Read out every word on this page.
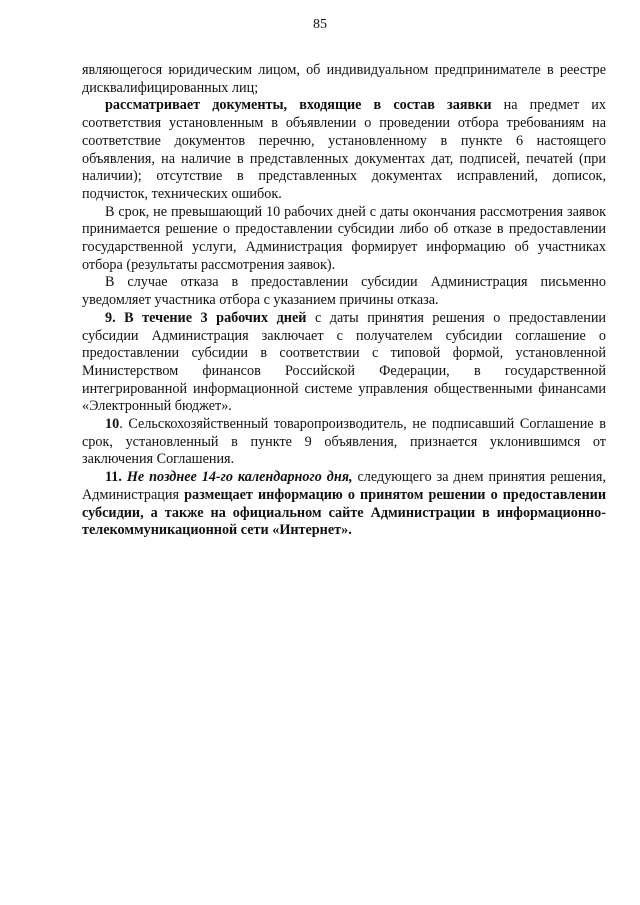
85

являющегося юридическим лицом, об индивидуальном предпринимателе в реестре дисквалифицированных лиц;

рассматривает документы, входящие в состав заявки на предмет их соответствия установленным в объявлении о проведении отбора требованиям на соответствие документов перечню, установленному в пункте 6 настоящего объявления, на наличие в представленных документах дат, подписей, печатей (при наличии); отсутствие в представленных документах исправлений, дописок, подчисток, технических ошибок.

В срок, не превышающий 10 рабочих дней с даты окончания рассмотрения заявок принимается решение о предоставлении субсидии либо об отказе в предоставлении государственной услуги, Администрация формирует информацию об участниках отбора (результаты рассмотрения заявок).

В случае отказа в предоставлении субсидии Администрация письменно уведомляет участника отбора с указанием причины отказа.

9. В течение 3 рабочих дней с даты принятия решения о предоставлении субсидии Администрация заключает с получателем субсидии соглашение о предоставлении субсидии в соответствии с типовой формой, установленной Министерством финансов Российской Федерации, в государственной интегрированной информационной системе управления общественными финансами «Электронный бюджет».

10. Сельскохозяйственный товаропроизводитель, не подписавший Соглашение в срок, установленный в пункте 9 объявления, признается уклонившимся от заключения Соглашения.

11. Не позднее 14-го календарного дня, следующего за днем принятия решения, Администрация размещает информацию о принятом решении о предоставлении субсидии, а также на официальном сайте Администрации в информационно-телекоммуникационной сети «Интернет».
